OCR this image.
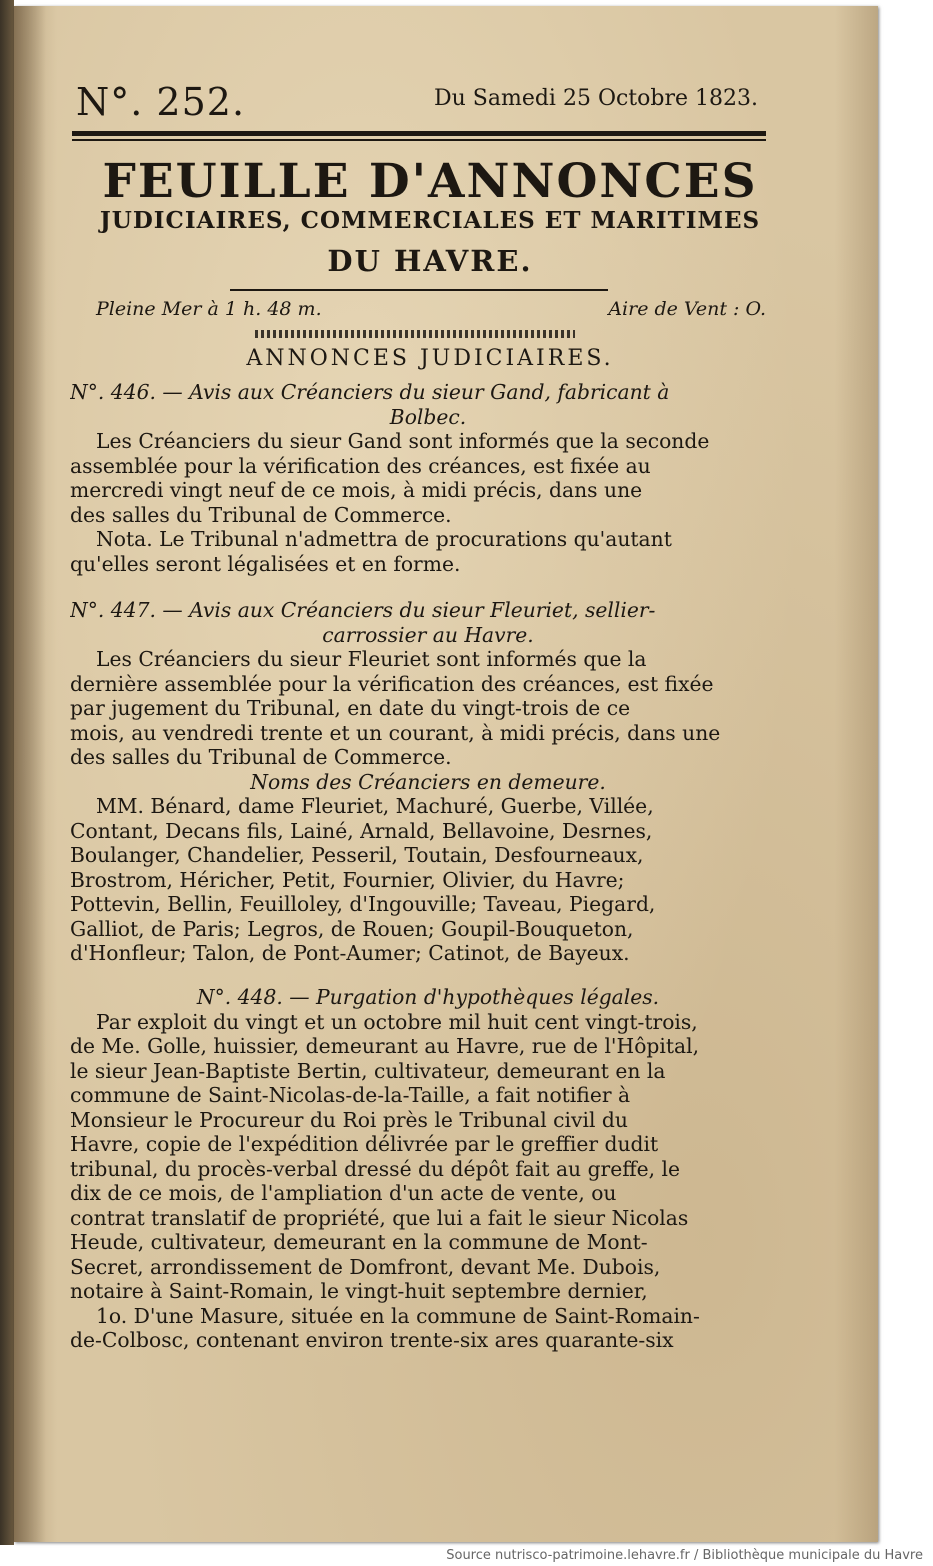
N°. 252.	Du Samedi 25 Octobre 1823.
FEUILLE D'ANNONCES
JUDICIAIRES, COMMERCIALES ET MARITIMES
DU HAVRE.
Pleine Mer à 1 h. 48 m.	Aire de Vent : O.
ANNONCES JUDICIAIRES.
N°. 446. — Avis aux Créanciers du sieur Gand, fabricant à
Bolbec.
Les Créanciers du sieur Gand sont informés que la seconde
assemblée pour la vérification des créances, est fixée au
mercredi vingt neuf de ce mois, à midi précis, dans une
des salles du Tribunal de Commerce.
Nota. Le Tribunal n'admettra de procurations qu'autant
qu'elles seront légalisées et en forme.
N°. 447. — Avis aux Créanciers du sieur Fleuriet, sellier-
carrossier au Havre.
Les Créanciers du sieur Fleuriet sont informés que la
dernière assemblée pour la vérification des créances, est fixée
par jugement du Tribunal, en date du vingt-trois de ce
mois, au vendredi trente et un courant, à midi précis, dans une
des salles du Tribunal de Commerce.
Noms des Créanciers en demeure.
MM. Bénard, dame Fleuriet, Machuré, Guerbe, Villée,
Contant, Decans fils, Lainé, Arnald, Bellavoine, Desrnes,
Boulanger, Chandelier, Pesseril, Toutain, Desfourneaux,
Brostrom, Héricher, Petit, Fournier, Olivier, du Havre;
Pottevin, Bellin, Feuilloley, d'Ingouville; Taveau, Piegard,
Galliot, de Paris; Legros, de Rouen; Goupil-Bouqueton,
d'Honfleur; Talon, de Pont-Aumer; Catinot, de Bayeux.
N°. 448. — Purgation d'hypothèques légales.
Par exploit du vingt et un octobre mil huit cent vingt-trois,
de Me. Golle, huissier, demeurant au Havre, rue de l'Hôpital,
le sieur Jean-Baptiste Bertin, cultivateur, demeurant en la
commune de Saint-Nicolas-de-la-Taille, a fait notifier à
Monsieur le Procureur du Roi près le Tribunal civil du
Havre, copie de l'expédition délivrée par le greffier dudit
tribunal, du procès-verbal dressé du dépôt fait au greffe, le
dix de ce mois, de l'ampliation d'un acte de vente, ou
contrat translatif de propriété, que lui a fait le sieur Nicolas
Heude, cultivateur, demeurant en la commune de Mont-
Secret, arrondissement de Domfront, devant Me. Dubois,
notaire à Saint-Romain, le vingt-huit septembre dernier,
1o. D'une Masure, située en la commune de Saint-Romain-
de-Colbosc, contenant environ trente-six ares quarante-six
Source nutrisco-patrimoine.lehavre.fr / Bibliothèque municipale du Havre
